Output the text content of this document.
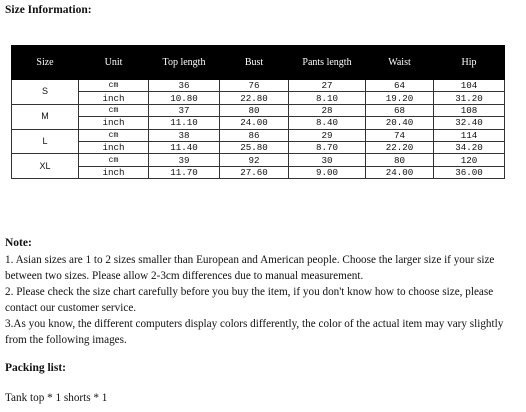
Size Information:
Size	Unit	Top length	Bust	Pants length	Waist	Hip
S	cm	36	76	27	64	104
	inch	10.80	22.80	8.10	19.20	31.20
M	cm	37	80	28	68	108
	inch	11.10	24.00	8.40	20.40	32.40
L	cm	38	86	29	74	114
	inch	11.40	25.80	8.70	22.20	34.20
XL	cm	39	92	30	80	120
	inch	11.70	27.60	9.00	24.00	36.00
Note:
1. Asian sizes are 1 to 2 sizes smaller than European and American people. Choose the larger size if your size between two sizes. Please allow 2-3cm differences due to manual measurement.
2. Please check the size chart carefully before you buy the item, if you don't know how to choose size, please contact our customer service.
3.As you know, the different computers display colors differently, the color of the actual item may vary slightly from the following images.
Packing list:
Tank top * 1 shorts * 1
